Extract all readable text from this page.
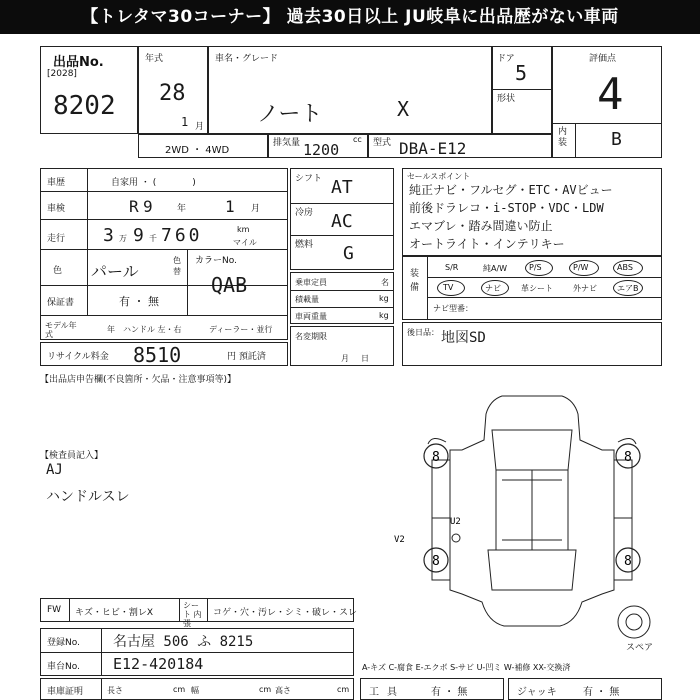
【トレタマ30コーナー】 過去30日以上 JU岐阜に出品歴がない車両
出品No.
[2028]
8202
年式
28
1 月
車名・グレード
ノート	X
ドア
5
形状
評価点
4
内装 B
2WD ・ 4WD
排気量	cc
1200	型式 DBA-E12
車歴	自家用 ・ (　　　　)
車検	R 9	年 1 月
走行 3 万 9 千 760	km
マイル
色 パール
色替
カラーNo.
QAB
保証書	有 ・ 無
モデル年式
年 ハンドル 左・右	ディーラー・並行
リサイクル料金 8510	円 預託済
シフト AT
冷房 AC
燃料 G
乗車定員	名
積載量	kg
車両重量	kg
名変期限
月日
セールスポイント
純正ナビ・フルセグ・ETC・AVビュー
前後ドラレコ・i-STOP・VDC・LDW
エマブレ・踏み間違い防止
オートライト・インテリキー
装備
S/R	純A/W	P/S	P/W	ABS
TV	ナビ	革シート	外ナビ	エアB
ナビ型番：
後日品： 地図SD
【出品店申告欄(不良箇所・欠品・注意事項等)】
【検査員記入】
AJ
ハンドルスレ
8	8
8	8
V2
U2
スペア
FW キズ・ヒビ・割レX
シート 内張
コゲ・穴・汚レ・シミ・破レ・スレ
登録No. 名古屋 506 ふ 8215
車台No. E12-420184	A-キズ C-腐食 E-エクボ S-サビ U-凹ミ W-補修 XX-交換済
車庫証明	長さ	cm 幅	cm 高さ	cm 工具	有 ・ 無	ジャッキ	有 ・ 無
